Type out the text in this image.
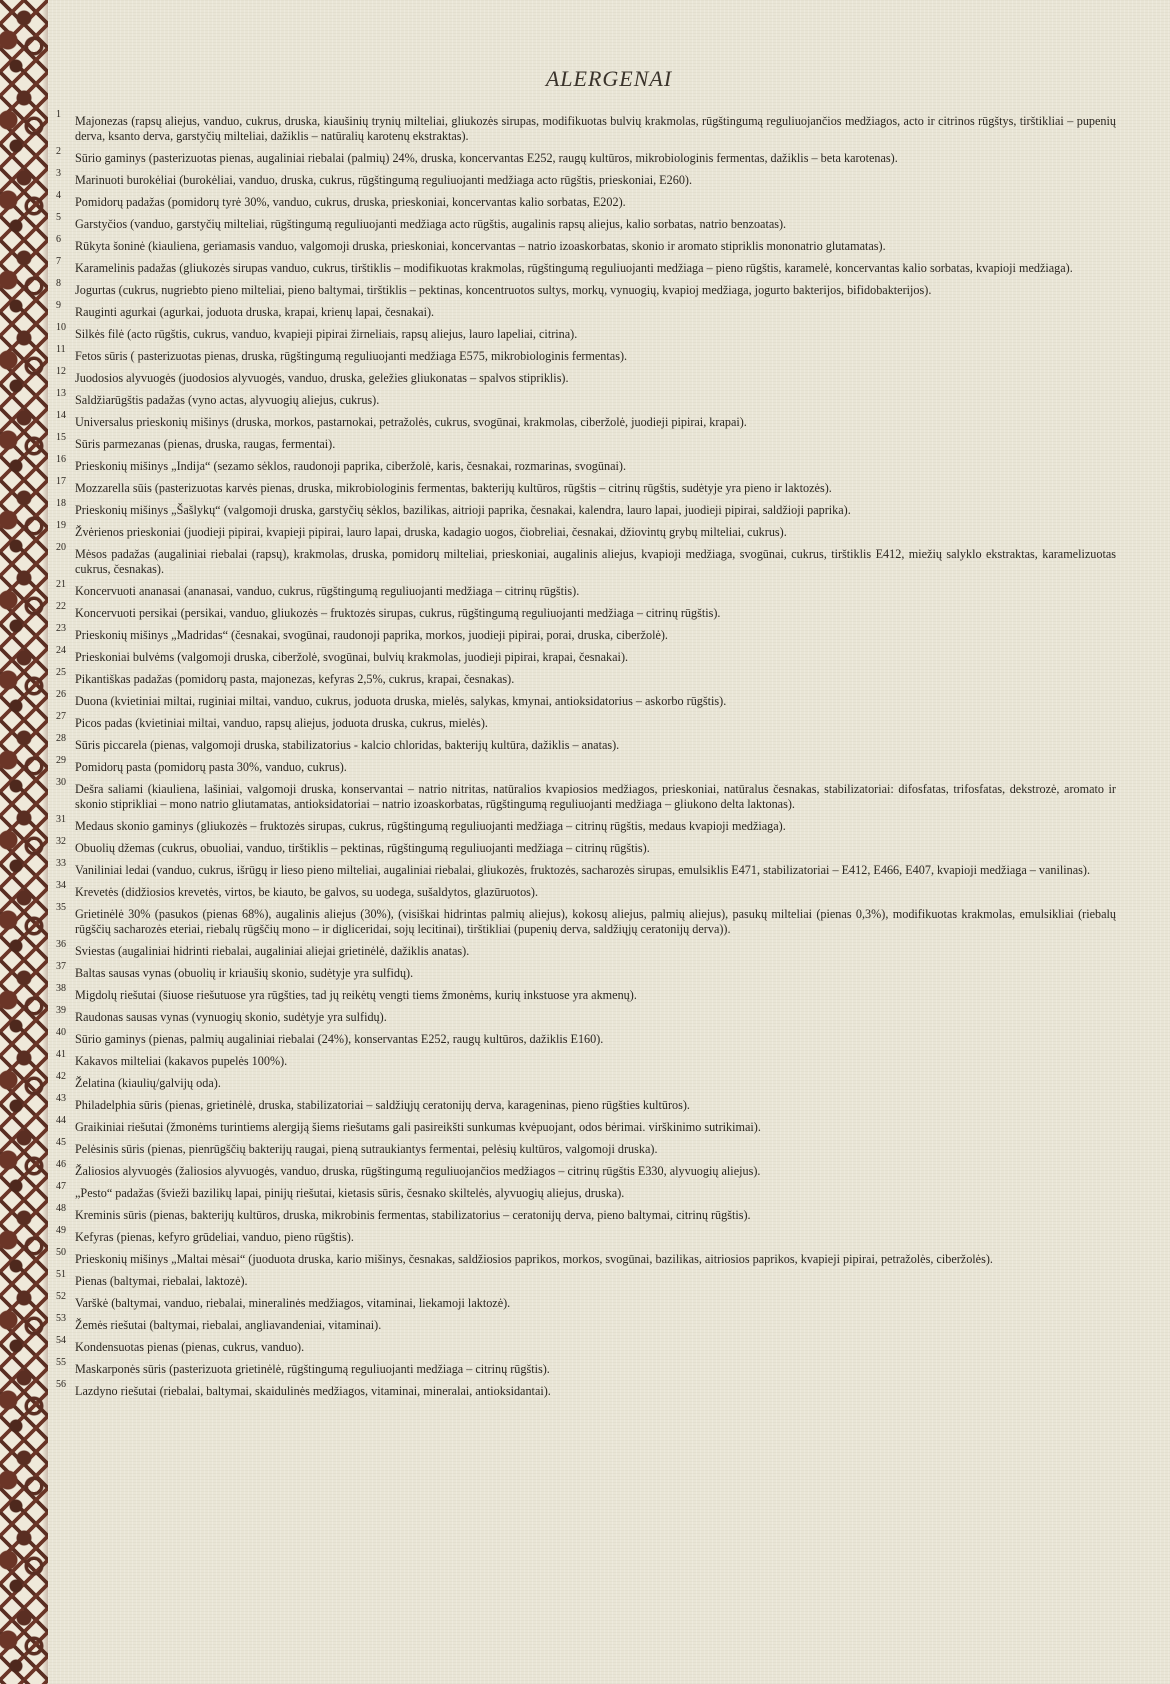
ALERGENAI
1	Majonezas (rapsų aliejus, vanduo, cukrus, druska, kiaušinių trynių milteliai, gliukozės sirupas, modifikuotas bulvių krakmolas, rūgštingumą reguliuojančios medžiagos, acto ir citrinos rūgštys, tirštikliai – pupenių derva, ksanto derva, garstyčių milteliai, dažiklis – natūralių karotenų ekstraktas).
2	Sūrio gaminys (pasterizuotas pienas, augaliniai riebalai (palmių) 24%, druska, koncervantas E252, raugų kultūros, mikrobiologinis fermentas, dažiklis – beta karotenas).
3	Marinuoti burokėliai (burokėliai, vanduo, druska, cukrus, rūgštingumą reguliuojanti medžiaga acto rūgštis, prieskoniai, E260).
4	Pomidorų padažas (pomidorų tyrė 30%, vanduo, cukrus, druska, prieskoniai, koncervantas kalio sorbatas, E202).
5	Garstyčios (vanduo, garstyčių milteliai, rūgštingumą reguliuojanti medžiaga acto rūgštis, augalinis rapsų aliejus, kalio sorbatas, natrio benzoatas).
6	Rūkyta šoninė (kiauliena, geriamasis vanduo, valgomoji druska, prieskoniai, koncervantas – natrio izoaskorbatas, skonio ir aromato stipriklis mononatrio glutamatas).
7	Karamelinis padažas (gliukozės sirupas vanduo, cukrus, tirštiklis – modifikuotas krakmolas, rūgštingumą reguliuojanti medžiaga – pieno rūgštis, karamelė, koncervantas kalio sorbatas, kvapioji medžiaga).
8	Jogurtas (cukrus, nugriebto pieno milteliai, pieno baltymai, tirštiklis – pektinas, koncentruotos sultys, morkų, vynuogių, kvapioj medžiaga, jogurto bakterijos, bifidobakterijos).
9	Rauginti agurkai (agurkai, joduota druska, krapai, krienų lapai, česnakai).
10 Silkės filė (acto rūgštis, cukrus, vanduo, kvapieji pipirai žirneliais, rapsų aliejus, lauro lapeliai, citrina).
11 Fetos sūris ( pasterizuotas pienas, druska, rūgštingumą reguliuojanti medžiaga E575, mikrobiologinis fermentas).
12 Juodosios alyvuogės (juodosios alyvuogės, vanduo, druska, geležies gliukonatas – spalvos stipriklis).
13 Saldžiarūgštis padažas (vyno actas, alyvuogių aliejus, cukrus).
14 Universalus prieskonių mišinys (druska, morkos, pastarnokai, petražolės, cukrus, svogūnai, krakmolas, ciberžolė, juodieji pipirai, krapai).
15 Sūris parmezanas (pienas, druska, raugas, fermentai).
16 Prieskonių mišinys „Indija“ (sezamo sėklos, raudonoji paprika, ciberžolė, karis, česnakai, rozmarinas, svogūnai).
17 Mozzarella sūis (pasterizuotas karvės pienas, druska, mikrobiologinis fermentas, bakterijų kultūros, rūgštis – citrinų rūgštis, sudėtyje yra pieno ir laktozės).
18 Prieskonių mišinys „Šašlykų“ (valgomoji druska, garstyčių sėklos, bazilikas, aitrioji paprika, česnakai, kalendra, lauro lapai, juodieji pipirai, saldžioji paprika).
19 Žvėrienos prieskoniai (juodieji pipirai, kvapieji pipirai, lauro lapai, druska, kadagio uogos, čiobreliai, česnakai, džiovintų grybų milteliai, cukrus).
20 Mėsos padažas (augaliniai riebalai (rapsų), krakmolas, druska, pomidorų milteliai, prieskoniai, augalinis aliejus, kvapioji medžiaga, svogūnai, cukrus, tirštiklis E412, miežių salyklo ekstraktas, karamelizuotas cukrus, česnakas).
21 Koncervuoti ananasai (ananasai, vanduo, cukrus, rūgštingumą reguliuojanti medžiaga – citrinų rūgštis).
22 Koncervuoti persikai (persikai, vanduo, gliukozės – fruktozės sirupas, cukrus, rūgštingumą reguliuojanti medžiaga – citrinų rūgštis).
23 Prieskonių mišinys „Madridas“ (česnakai, svogūnai, raudonoji paprika, morkos, juodieji pipirai, porai, druska, ciberžolė).
24 Prieskoniai bulvėms (valgomoji druska, ciberžolė, svogūnai, bulvių krakmolas, juodieji pipirai, krapai, česnakai).
25 Pikantiškas padažas (pomidorų pasta, majonezas, kefyras 2,5%, cukrus, krapai, česnakas).
26 Duona (kvietiniai miltai, ruginiai miltai, vanduo, cukrus, joduota druska, mielės, salykas, kmynai, antioksidatorius – askorbo rūgštis).
27 Picos padas (kvietiniai miltai, vanduo, rapsų aliejus, joduota druska, cukrus, mielės).
28 Sūris piccarela (pienas, valgomoji druska, stabilizatorius - kalcio chloridas, bakterijų kultūra, dažiklis – anatas).
29 Pomidorų pasta (pomidorų pasta 30%, vanduo, cukrus).
30 Dešra saliami (kiauliena, lašiniai, valgomoji druska, konservantai – natrio nitritas, natūralios kvapiosios medžiagos, prieskoniai, natūralus česnakas, stabilizatoriai: difosfatas, trifosfatas, dekstrozė, aromato ir skonio stiprikliai – mono natrio gliutamatas, antioksidatoriai – natrio izoaskorbatas, rūgštingumą reguliuojanti medžiaga – gliukono delta laktonas).
31 Medaus skonio gaminys (gliukozės – fruktozės sirupas, cukrus, rūgštingumą reguliuojanti medžiaga – citrinų rūgštis, medaus kvapioji medžiaga).
32 Obuolių džemas (cukrus, obuoliai, vanduo, tirštiklis – pektinas, rūgštingumą reguliuojanti medžiaga – citrinų rūgštis).
33 Vaniliniai ledai (vanduo, cukrus, išrūgų ir lieso pieno milteliai, augaliniai riebalai, gliukozės, fruktozės, sacharozės sirupas, emulsiklis E471, stabilizatoriai – E412, E466, E407, kvapioji medžiaga – vanilinas).
34 Krevetės (didžiosios krevetės, virtos, be kiauto, be galvos, su uodega, sušaldytos, glazūruotos).
35 Grietinėlė 30% (pasukos (pienas 68%), augalinis aliejus (30%), (visiškai hidrintas palmių aliejus), kokosų aliejus, palmių aliejus), pasukų milteliai (pienas 0,3%), modifikuotas krakmolas, emulsikliai (riebalų rūgščių sacharozės eteriai, riebalų rūgščių mono – ir digliceridai, sojų lecitinai), tirštikliai (pupenių derva, saldžiųjų ceratonijų derva)).
36 Sviestas (augaliniai hidrinti riebalai, augaliniai aliejai grietinėlė, dažiklis anatas).
37 Baltas sausas vynas (obuolių ir kriaušių skonio, sudėtyje yra sulfidų).
38 Migdolų riešutai (šiuose riešutuose yra rūgšties, tad jų reikėtų vengti tiems žmonėms, kurių inkstuose yra akmenų).
39 Raudonas sausas vynas (vynuogių skonio, sudėtyje yra sulfidų).
40 Sūrio gaminys (pienas, palmių augaliniai riebalai (24%), konservantas E252, raugų kultūros, dažiklis E160).
41 Kakavos milteliai (kakavos pupelės 100%).
42 Želatina (kiaulių/galvijų oda).
43 Philadelphia sūris (pienas, grietinėlė, druska, stabilizatoriai – saldžiųjų ceratonijų derva, karageninas, pieno rūgšties kultūros).
44 Graikiniai riešutai (žmonėms turintiems alergiją šiems riešutams gali pasireikšti sunkumas kvėpuojant, odos bėrimai. virškinimo sutrikimai).
45 Pelėsinis sūris (pienas, pienrūgščių bakterijų raugai, pieną sutraukiantys fermentai, pelėsių kultūros, valgomoji druska).
46 Žaliosios alyvuogės (žaliosios alyvuogės, vanduo, druska, rūgštingumą reguliuojančios medžiagos – citrinų rūgštis E330, alyvuogių aliejus).
47 „Pesto“ padažas (švieži bazilikų lapai, pinijų riešutai, kietasis sūris, česnako skiltelės, alyvuogių aliejus, druska).
48 Kreminis sūris (pienas, bakterijų kultūros, druska, mikrobinis fermentas, stabilizatorius – ceratonijų derva, pieno baltymai, citrinų rūgštis).
49 Kefyras (pienas, kefyro grūdeliai, vanduo, pieno rūgštis).
50 Prieskonių mišinys „Maltai mėsai“ (juoduota druska, kario mišinys, česnakas, saldžiosios paprikos, morkos, svogūnai, bazilikas, aitriosios paprikos, kvapieji pipirai, petražolės, ciberžolės).
51 Pienas (baltymai, riebalai, laktozė).
52 Varškė (baltymai, vanduo, riebalai, mineralinės medžiagos, vitaminai, liekamoji laktozė).
53 Žemės riešutai (baltymai, riebalai, angliavandeniai, vitaminai).
54 Kondensuotas pienas (pienas, cukrus, vanduo).
55 Maskarponės sūris (pasterizuota grietinėlė, rūgštingumą reguliuojanti medžiaga – citrinų rūgštis).
56 Lazdyno riešutai (riebalai, baltymai, skaidulinės medžiagos, vitaminai, mineralai, antioksidantai).
